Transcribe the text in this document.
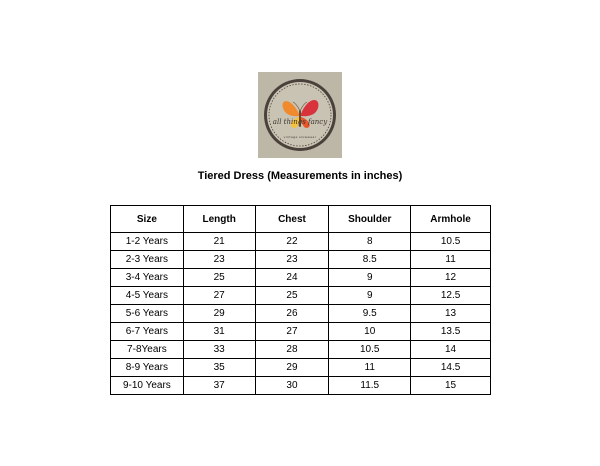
all things fancy
vintage slowwear
Tiered Dress (Measurements in inches)
Size	Length	Chest	Shoulder	Armhole
1-2 Years	21	22	8	10.5
2-3 Years	23	23	8.5	11
3-4 Years	25	24	9	12
4-5 Years	27	25	9	12.5
5-6 Years	29	26	9.5	13
6-7 Years	31	27	10	13.5
7-8Years	33	28	10.5	14
8-9 Years	35	29	11	14.5
9-10 Years	37	30	11.5	15
